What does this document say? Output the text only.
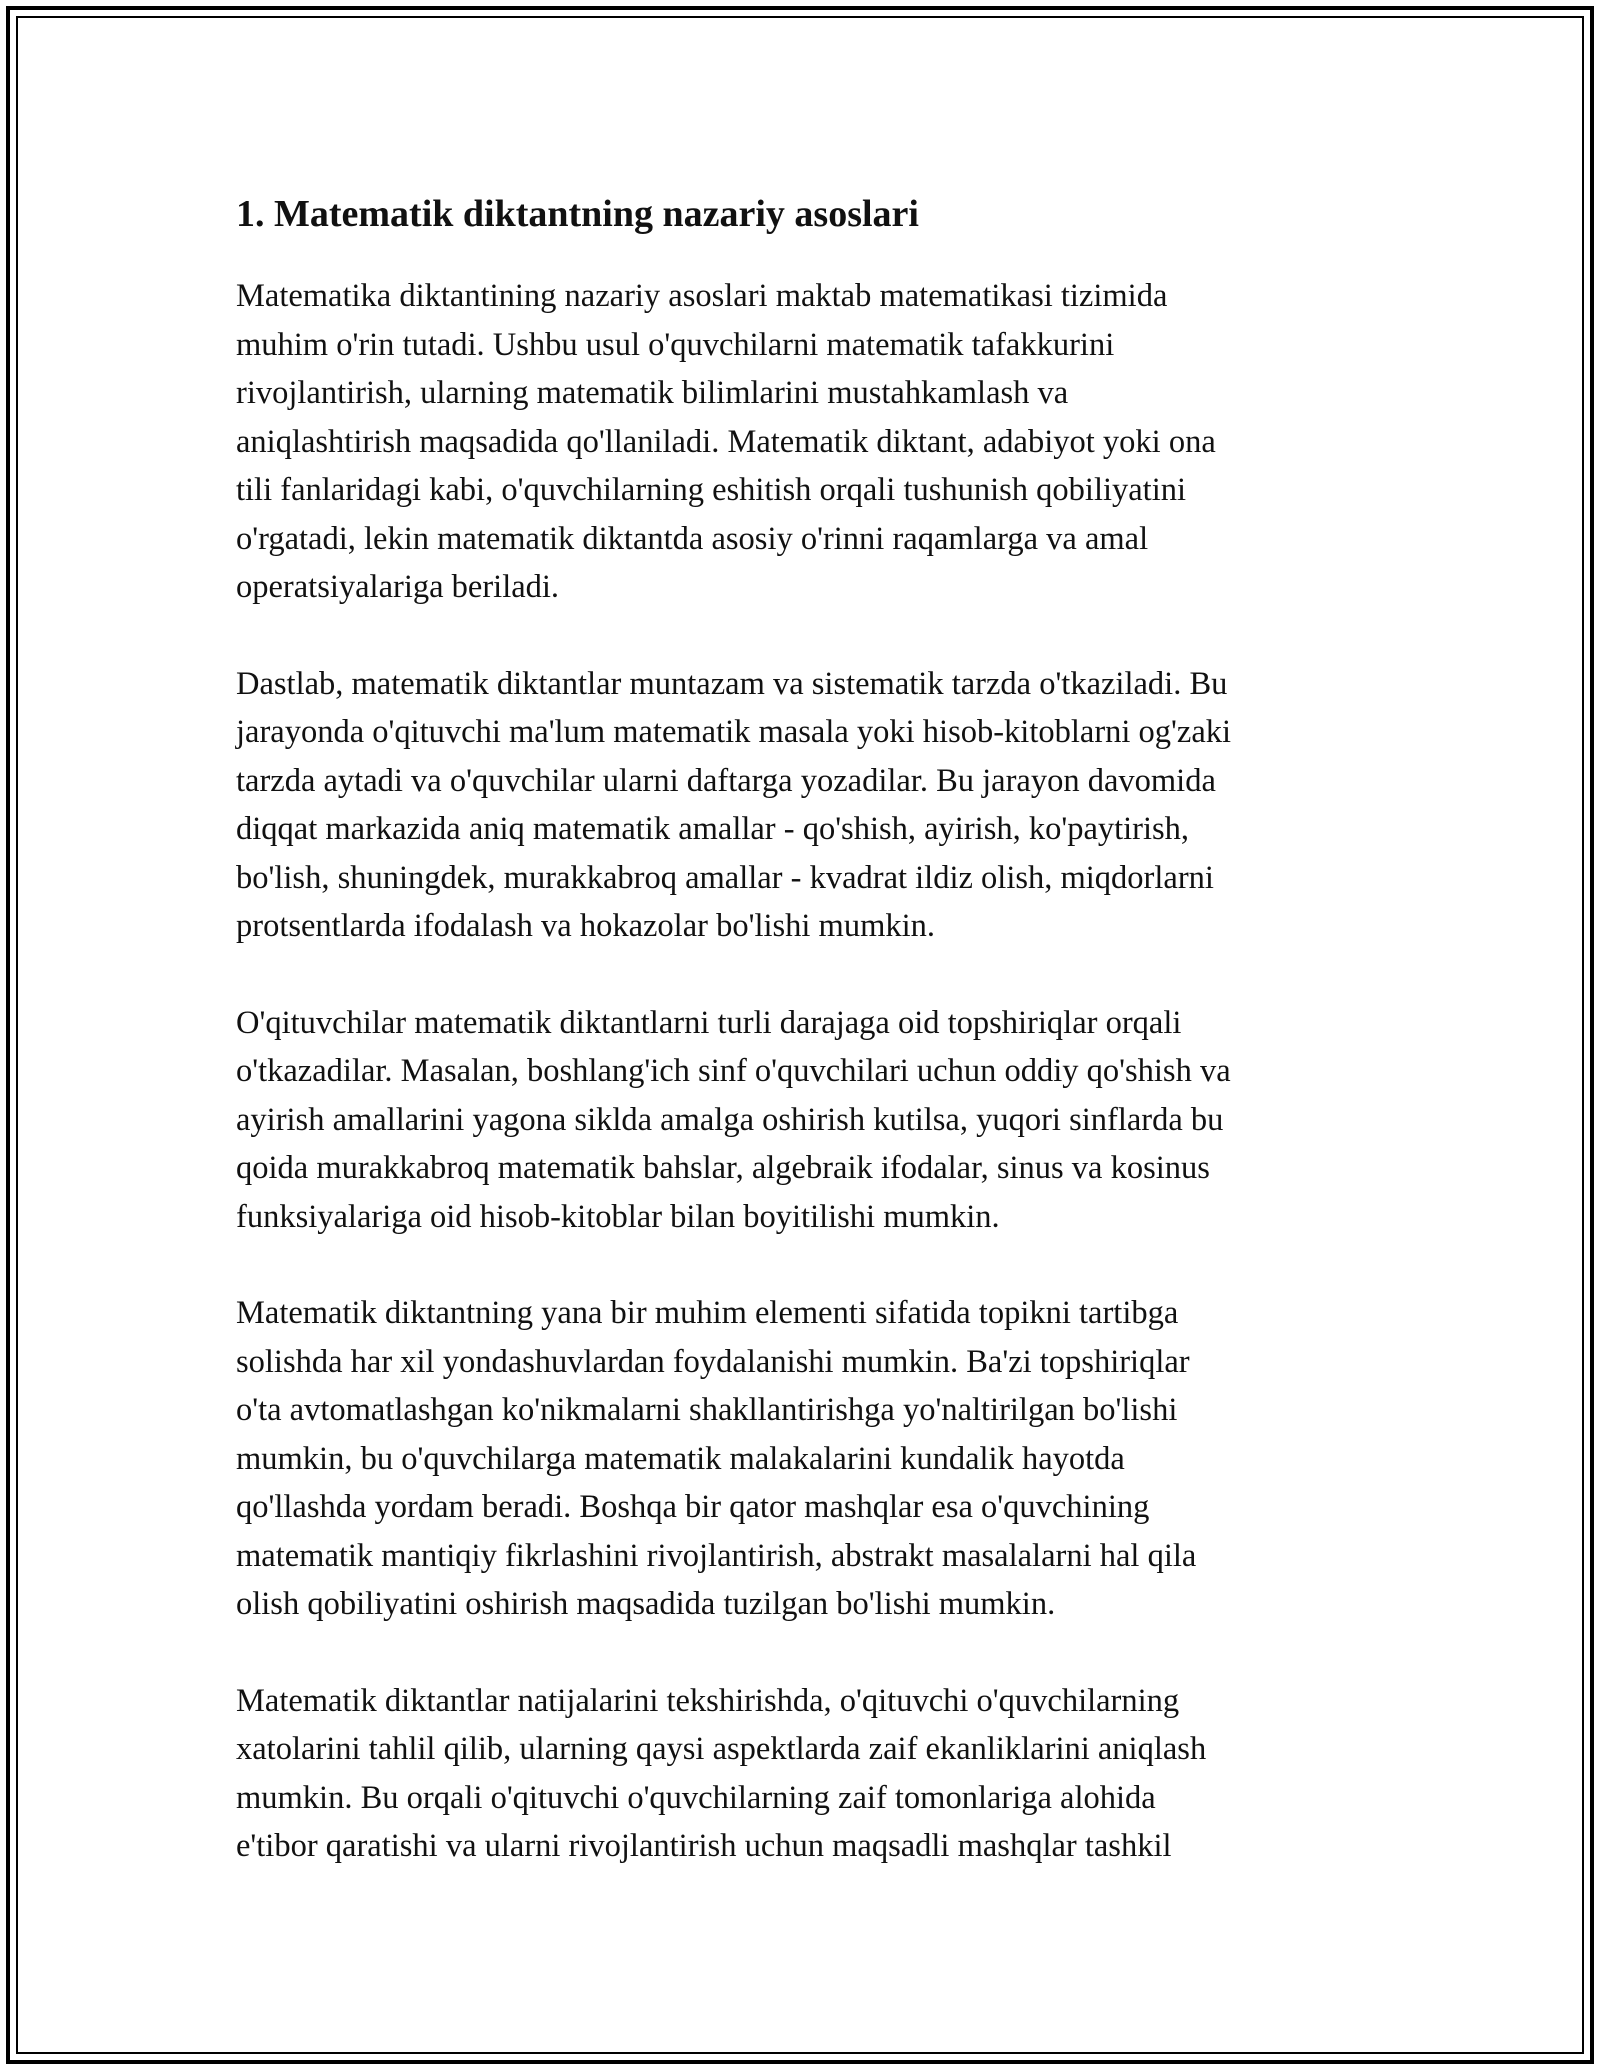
1. Matematik diktantning nazariy asoslari

Matematika diktantining nazariy asoslari maktab matematikasi tizimida
muhim o'rin tutadi. Ushbu usul o'quvchilarni matematik tafakkurini
rivojlantirish, ularning matematik bilimlarini mustahkamlash va
aniqlashtirish maqsadida qo'llaniladi. Matematik diktant, adabiyot yoki ona
tili fanlaridagi kabi, o'quvchilarning eshitish orqali tushunish qobiliyatini
o'rgatadi, lekin matematik diktantda asosiy o'rinni raqamlarga va amal
operatsiyalariga beriladi.

Dastlab, matematik diktantlar muntazam va sistematik tarzda o'tkaziladi. Bu
jarayonda o'qituvchi ma'lum matematik masala yoki hisob-kitoblarni og'zaki
tarzda aytadi va o'quvchilar ularni daftarga yozadilar. Bu jarayon davomida
diqqat markazida aniq matematik amallar - qo'shish, ayirish, ko'paytirish,
bo'lish, shuningdek, murakkabroq amallar - kvadrat ildiz olish, miqdorlarni
protsentlarda ifodalash va hokazolar bo'lishi mumkin.

O'qituvchilar matematik diktantlarni turli darajaga oid topshiriqlar orqali
o'tkazadilar. Masalan, boshlang'ich sinf o'quvchilari uchun oddiy qo'shish va
ayirish amallarini yagona siklda amalga oshirish kutilsa, yuqori sinflarda bu
qoida murakkabroq matematik bahslar, algebraik ifodalar, sinus va kosinus
funksiyalariga oid hisob-kitoblar bilan boyitilishi mumkin.

Matematik diktantning yana bir muhim elementi sifatida topikni tartibga
solishda har xil yondashuvlardan foydalanishi mumkin. Ba'zi topshiriqlar
o'ta avtomatlashgan ko'nikmalarni shakllantirishga yo'naltirilgan bo'lishi
mumkin, bu o'quvchilarga matematik malakalarini kundalik hayotda
qo'llashda yordam beradi. Boshqa bir qator mashqlar esa o'quvchining
matematik mantiqiy fikrlashini rivojlantirish, abstrakt masalalarni hal qila
olish qobiliyatini oshirish maqsadida tuzilgan bo'lishi mumkin.

Matematik diktantlar natijalarini tekshirishda, o'qituvchi o'quvchilarning
xatolarini tahlil qilib, ularning qaysi aspektlarda zaif ekanliklarini aniqlash
mumkin. Bu orqali o'qituvchi o'quvchilarning zaif tomonlariga alohida
e'tibor qaratishi va ularni rivojlantirish uchun maqsadli mashqlar tashkil
